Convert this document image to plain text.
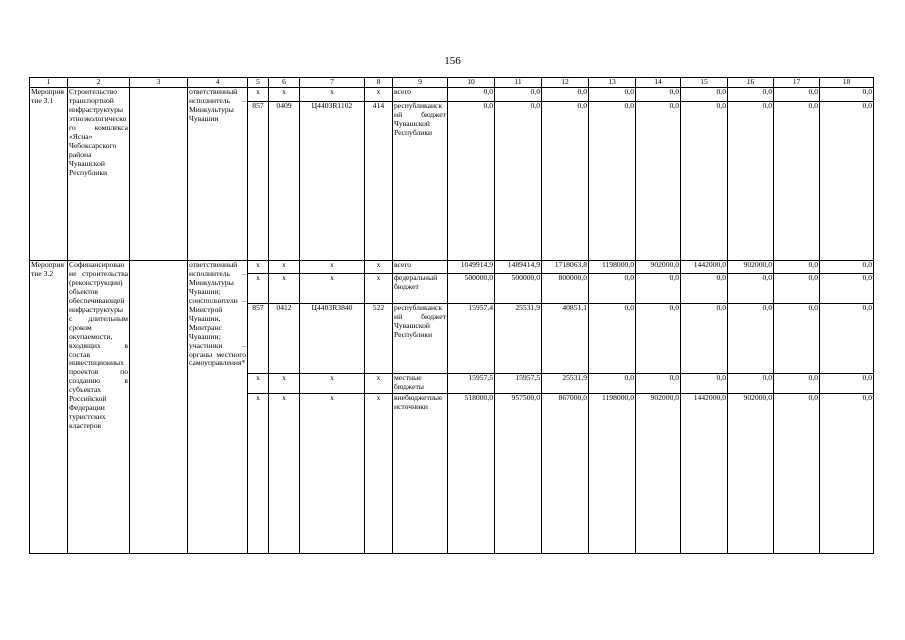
156
1	2	3	4	5	6	7	8	9	10	11	12	13	14	15	16	17	18
Мероприятие 3.1	Строительство транспортной инфраструктуры этноэкологического комплекса «Ясна» Чебоксарского района Чувашской Республики		ответственный исполнитель – Минкультуры Чувашии	x	x	x	x	всего	0,0	0,0	0,0	0,0	0,0	0,0	0,0	0,0	0,0
				857	0409	Ц4403R1102	414	республиканский бюджет Чувашской Республики	0,0	0,0	0,0	0,0	0,0	0,0	0,0	0,0	0,0
Мероприятие 3.2	Софинансирование строительства (реконструкции) объектов обеспечивающей инфраструктуры с длительным сроком окупаемости, входящих в состав инвестиционных проектов по созданию в субъектах Российской Федерации туристских кластеров		ответственный исполнитель – Минкультуры Чувашии; соисполнители – Минстрой Чувашии, Минтранс Чувашии; участники – органы местного самоуправления*	x	x	x	x	всего	1049914,9	1489414,9	1718063,8	1198000,0	902000,0	1442000,0	902000,0	0,0	0,0
				x	x	x	x	федеральный бюджет	500000,0	500000,0	800000,0	0,0	0,0	0,0	0,0	0,0	0,0
				857	0412	Ц4403R3840	522	республиканский бюджет Чувашской Республики	15957,4	25531,9	40851,1	0,0	0,0	0,0	0,0	0,0	0,0
				x	x	x	x	местные бюджеты	15957,5	15957,5	25531,9	0,0	0,0	0,0	0,0	0,0	0,0
				x	x	x	x	внебюджетные источники	518000,0	957500,0	867000,0	1198000,0	902000,0	1442000,0	902000,0	0,0	0,0
